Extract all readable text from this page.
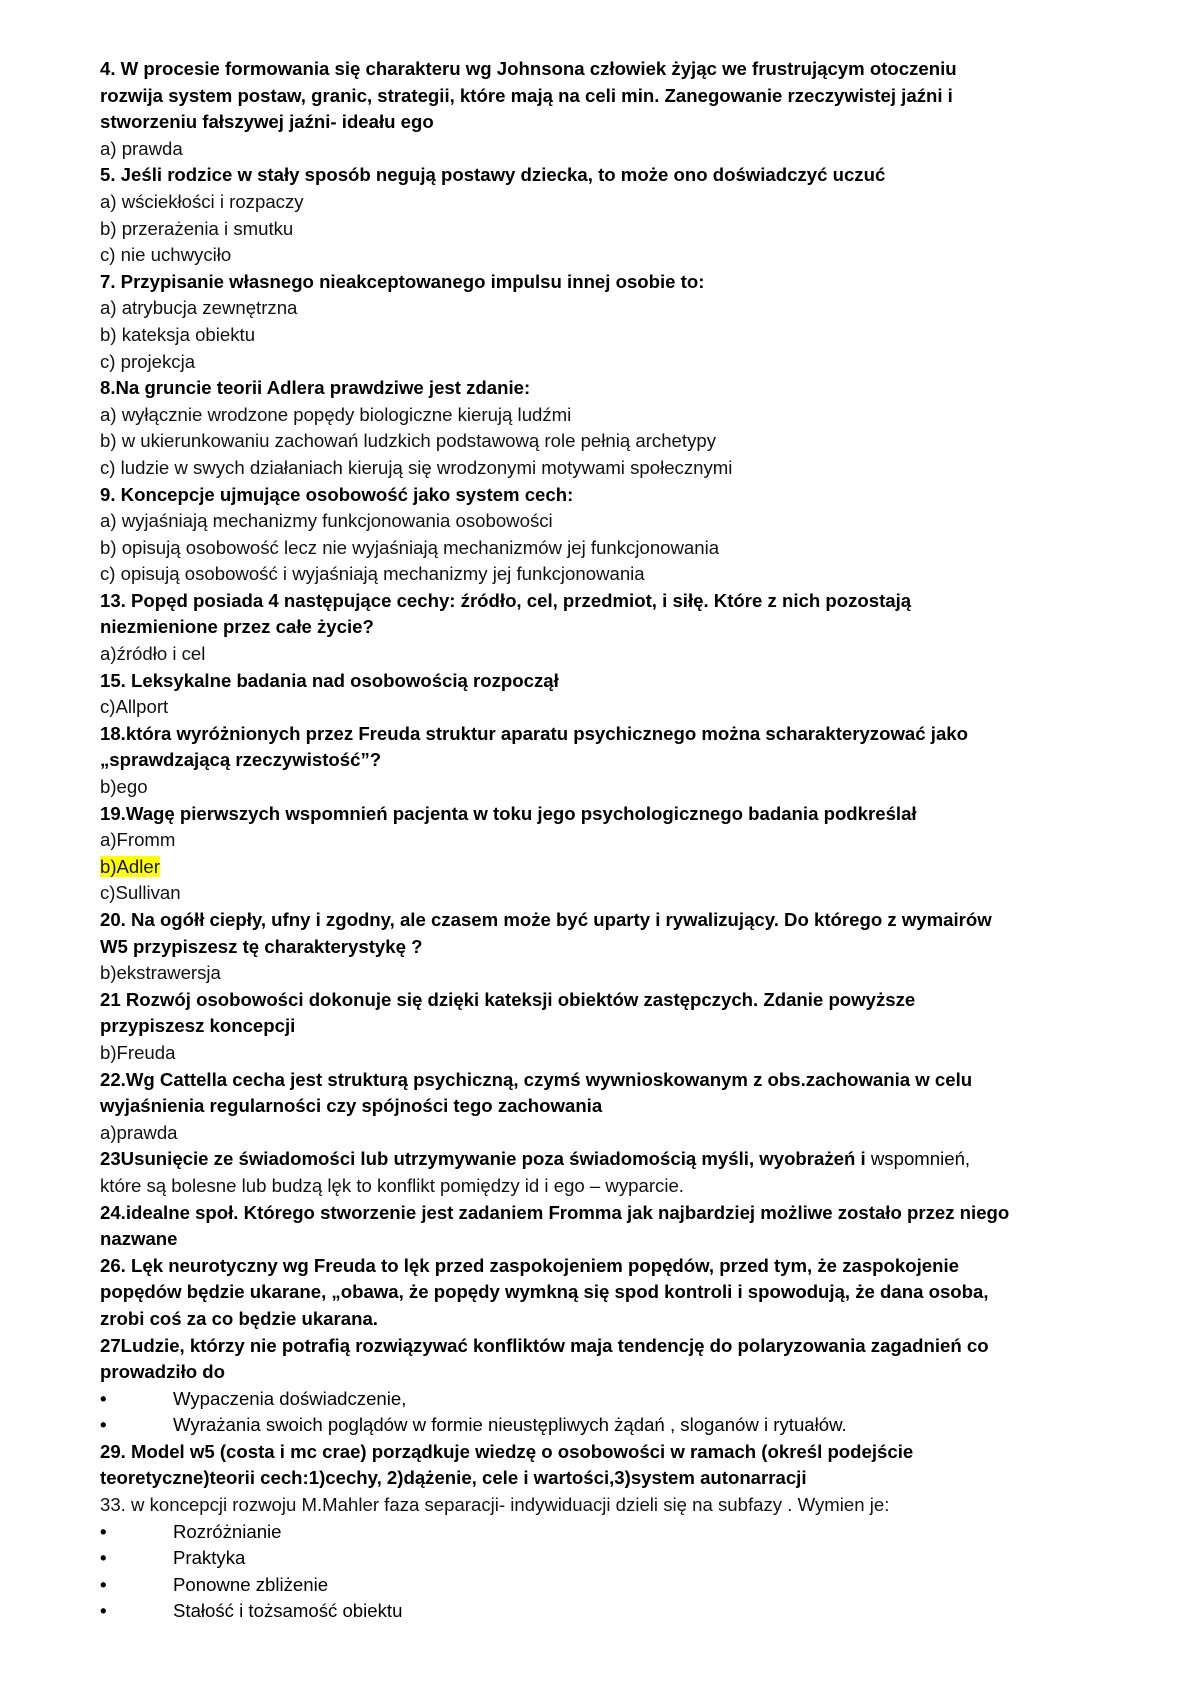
4. W procesie formowania się charakteru wg Johnsona człowiek żyjąc we frustrującym otoczeniu
rozwija system postaw, granic, strategii, które mają na celi min. Zanegowanie rzeczywistej jaźni i
stworzeniu fałszywej jaźni- ideału ego
a) prawda
5. Jeśli rodzice w stały sposób negują postawy dziecka, to może ono doświadczyć uczuć
a) wściekłości i rozpaczy
b) przerażenia i smutku
c) nie uchwyciło
7. Przypisanie własnego nieakceptowanego impulsu innej osobie to:
a) atrybucja zewnętrzna
b) kateksja obiektu
c) projekcja
8.Na gruncie teorii Adlera prawdziwe jest zdanie:
a) wyłącznie wrodzone popędy biologiczne kierują ludźmi
b) w ukierunkowaniu zachowań ludzkich podstawową role pełnią archetypy
c) ludzie w swych działaniach kierują się wrodzonymi motywami społecznymi
9. Koncepcje ujmujące osobowość jako system cech:
a) wyjaśniają mechanizmy funkcjonowania osobowości
b) opisują osobowość lecz nie wyjaśniają mechanizmów jej funkcjonowania
c) opisują osobowość i wyjaśniają mechanizmy jej funkcjonowania
13. Popęd posiada 4 następujące cechy: źródło, cel, przedmiot, i siłę. Które z nich pozostają
niezmienione przez całe życie?
a)źródło i cel
15. Leksykalne badania nad osobowością rozpoczął
c)Allport
18.która wyróżnionych przez Freuda struktur aparatu psychicznego można scharakteryzować jako
„sprawdzającą rzeczywistość”?
b)ego
19.Wagę pierwszych wspomnień pacjenta w toku jego psychologicznego badania podkreślał
a)Fromm
b)Adler
c)Sullivan
20. Na ogółł ciepły, ufny i zgodny, ale czasem może być uparty i rywalizujący. Do którego z wymairów
W5 przypiszesz tę charakterystykę ?
b)ekstrawersja
21 Rozwój osobowości dokonuje się dzięki kateksji obiektów zastępczych. Zdanie powyższe
przypiszesz koncepcji
b)Freuda
22.Wg Cattella cecha jest strukturą psychiczną, czymś wywnioskowanym z obs.zachowania w celu
wyjaśnienia regularności czy spójności tego zachowania
a)prawda
23Usunięcie ze świadomości lub utrzymywanie poza świadomością myśli, wyobrażeń i wspomnień,
które są bolesne lub budzą lęk to konflikt pomiędzy id i ego – wyparcie.
24.idealne społ. Którego stworzenie jest zadaniem Fromma jak najbardziej możliwe zostało przez niego
nazwane
26. Lęk neurotyczny wg Freuda to lęk przed zaspokojeniem popędów, przed tym, że zaspokojenie
popędów będzie ukarane, „obawa, że popędy wymkną się spod kontroli i spowodują, że dana osoba,
zrobi coś za co będzie ukarana.
27Ludzie, którzy nie potrafią rozwiązywać konfliktów maja tendencję do polaryzowania zagadnień co
prowadziło do
•	Wypaczenia doświadczenie,
•	Wyrażania swoich poglądów w formie nieustępliwych żądań , sloganów i rytuałów.
29. Model w5 (costa i mc crae) porządkuje wiedzę o osobowości w ramach (określ podejście
teoretyczne)teorii cech:1)cechy, 2)dążenie, cele i wartości,3)system autonarracji
33. w koncepcji rozwoju M.Mahler faza separacji- indywiduacji dzieli się na subfazy . Wymien je:
•	Rozróżnianie
•	Praktyka
•	Ponowne zbliżenie
•	Stałość i tożsamość obiektu
